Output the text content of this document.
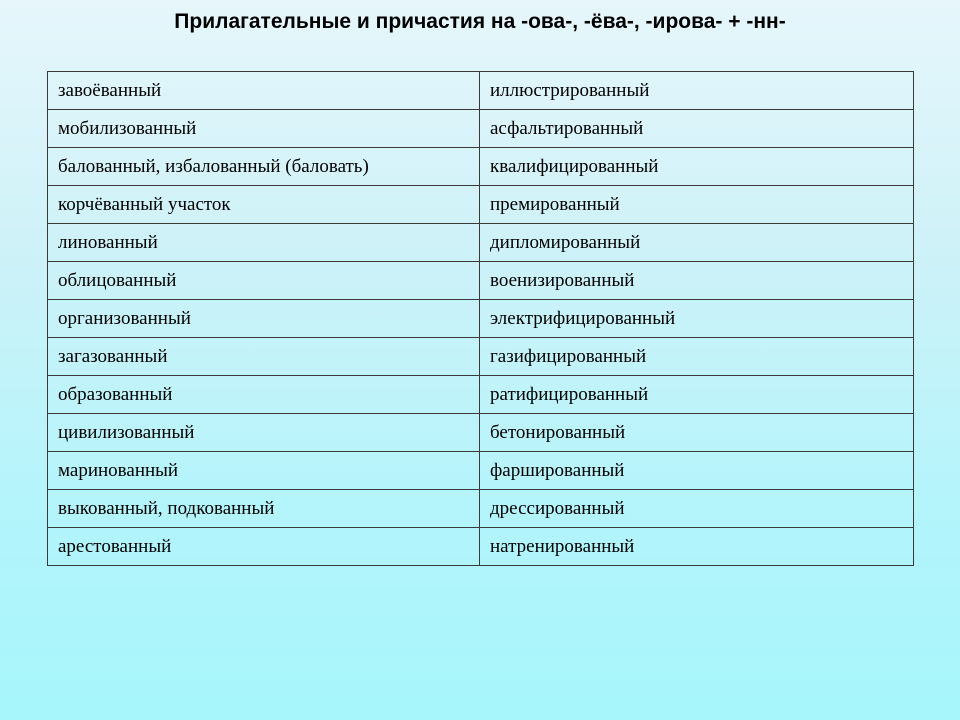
Прилагательные и причастия на -ова-, -ёва-, -ирова- + -нн-
завоёванный	иллюстрированный
мобилизованный	асфальтированный
балованный, избалованный (баловать)	квалифицированный
корчёванный участок	премированный
линованный	дипломированный
облицованный	военизированный
организованный	электрифицированный
загазованный	газифицированный
образованный	ратифицированный
цивилизованный	бетонированный
маринованный	фаршированный
выкованный, подкованный	дрессированный
арестованный	натренированный
